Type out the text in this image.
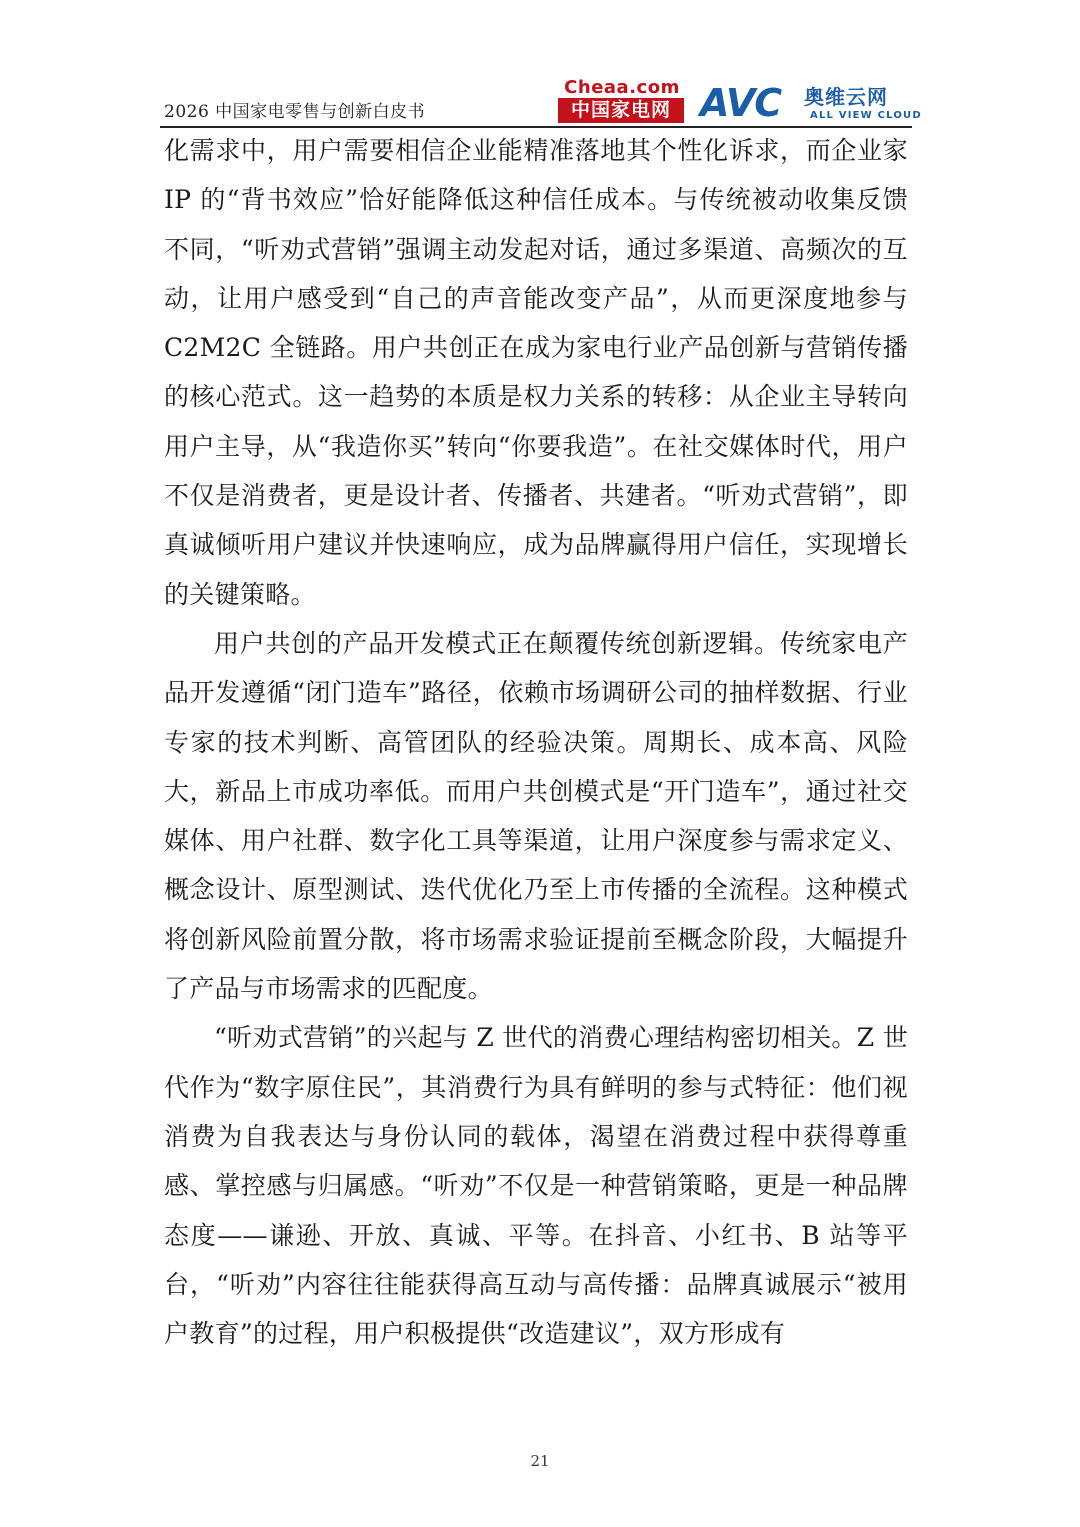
2026 中国家电零售与创新白皮书
Cheaa.com
中国家电网 AVC 奥维云网
ALL VIEW CLOUD

化需求中，用户需要相信企业能精准落地其个性化诉求，而企业家IP 的“背书效应”恰好能降低这种信任成本。与传统被动收集反馈不同，“听劝式营销”强调主动发起对话，通过多渠道、高频次的互动，让用户感受到“自己的声音能改变产品”，从而更深度地参与 C2M2C 全链路。用户共创正在成为家电行业产品创新与营销传播的核心范式。这一趋势的本质是权力关系的转移：从企业主导转向用户主导，从“我造你买”转向“你要我造”。在社交媒体时代，用户不仅是消费者，更是设计者、传播者、共建者。“听劝式营销”，即真诚倾听用户建议并快速响应，成为品牌赢得用户信任，实现增长的关键策略。

用户共创的产品开发模式正在颠覆传统创新逻辑。传统家电产品开发遵循“闭门造车”路径，依赖市场调研公司的抽样数据、行业专家的技术判断、高管团队的经验决策。周期长、成本高、风险大，新品上市成功率低。而用户共创模式是“开门造车”，通过社交媒体、用户社群、数字化工具等渠道，让用户深度参与需求定义、概念设计、原型测试、迭代优化乃至上市传播的全流程。这种模式将创新风险前置分散，将市场需求验证提前至概念阶段，大幅提升了产品与市场需求的匹配度。

“听劝式营销”的兴起与 Z 世代的消费心理结构密切相关。Z 世代作为“数字原住民”，其消费行为具有鲜明的参与式特征：他们视消费为自我表达与身份认同的载体，渴望在消费过程中获得尊重感、掌控感与归属感。“听劝”不仅是一种营销策略，更是一种品牌态度——谦逊、开放、真诚、平等。在抖音、小红书、B 站等平台，“听劝”内容往往能获得高互动与高传播：品牌真诚展示“被用户教育”的过程，用户积极提供“改造建议”，双方形成有

21
